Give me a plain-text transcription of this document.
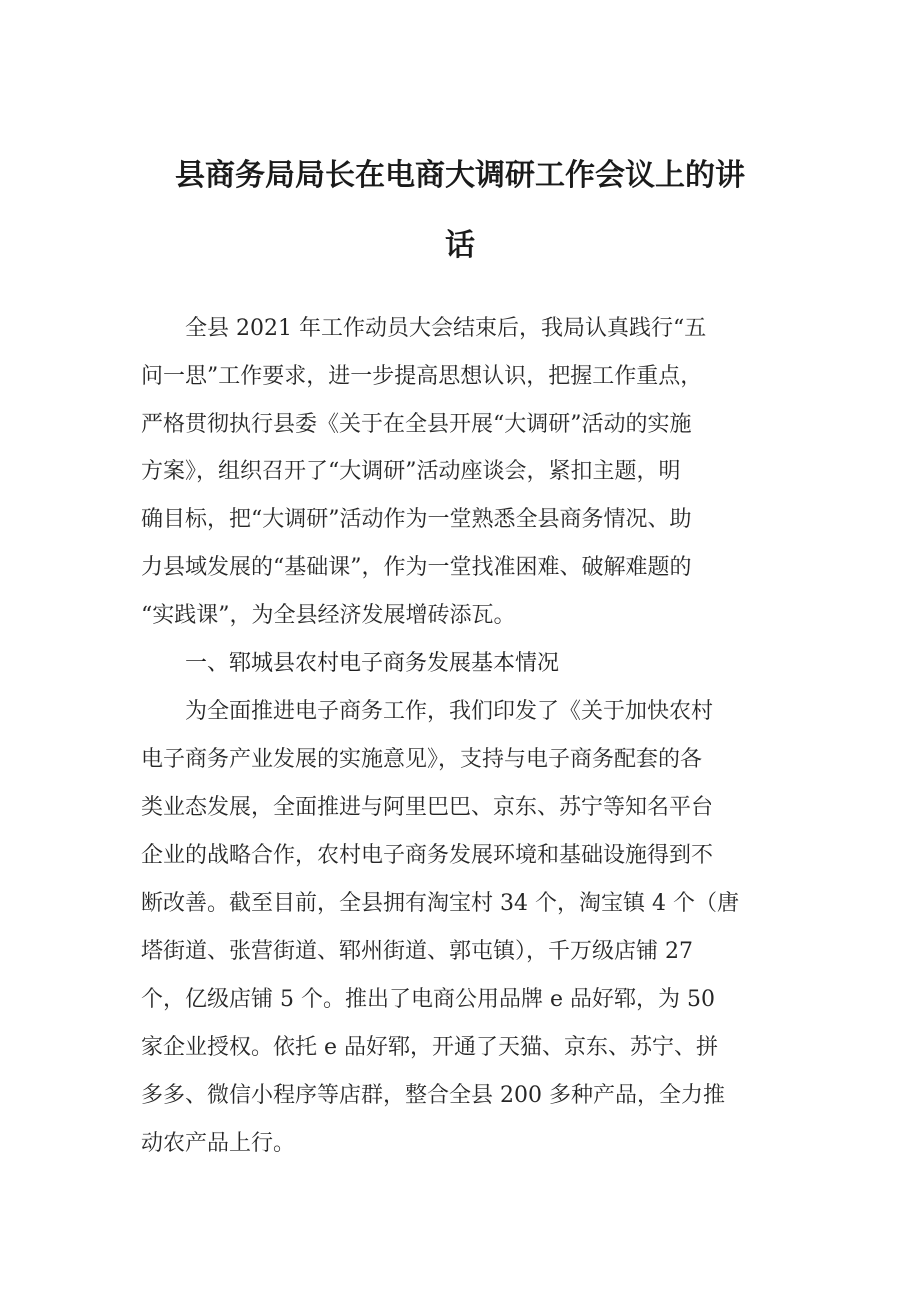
县商务局局长在电商大调研工作会议上的讲
话

　　全县 2021 年工作动员大会结束后，我局认真践行“五

问一思”工作要求，进一步提高思想认识，把握工作重点，

严格贯彻执行县委《关于在全县开展“大调研”活动的实施

方案》，组织召开了“大调研”活动座谈会，紧扣主题，明

确目标，把“大调研”活动作为一堂熟悉全县商务情况、助

力县域发展的“基础课”，作为一堂找准困难、破解难题的

“实践课”，为全县经济发展增砖添瓦。

　　一、郓城县农村电子商务发展基本情况

　　为全面推进电子商务工作，我们印发了《关于加快农村

电子商务产业发展的实施意见》，支持与电子商务配套的各

类业态发展，全面推进与阿里巴巴、京东、苏宁等知名平台

企业的战略合作，农村电子商务发展环境和基础设施得到不

断改善。截至目前，全县拥有淘宝村 34 个，淘宝镇 4 个（唐

塔街道、张营街道、郓州街道、郭屯镇），千万级店铺 27

个，亿级店铺 5 个。推出了电商公用品牌 e 品好郓，为 50

家企业授权。依托 e 品好郓，开通了天猫、京东、苏宁、拼

多多、微信小程序等店群，整合全县 200 多种产品，全力推

动农产品上行。
